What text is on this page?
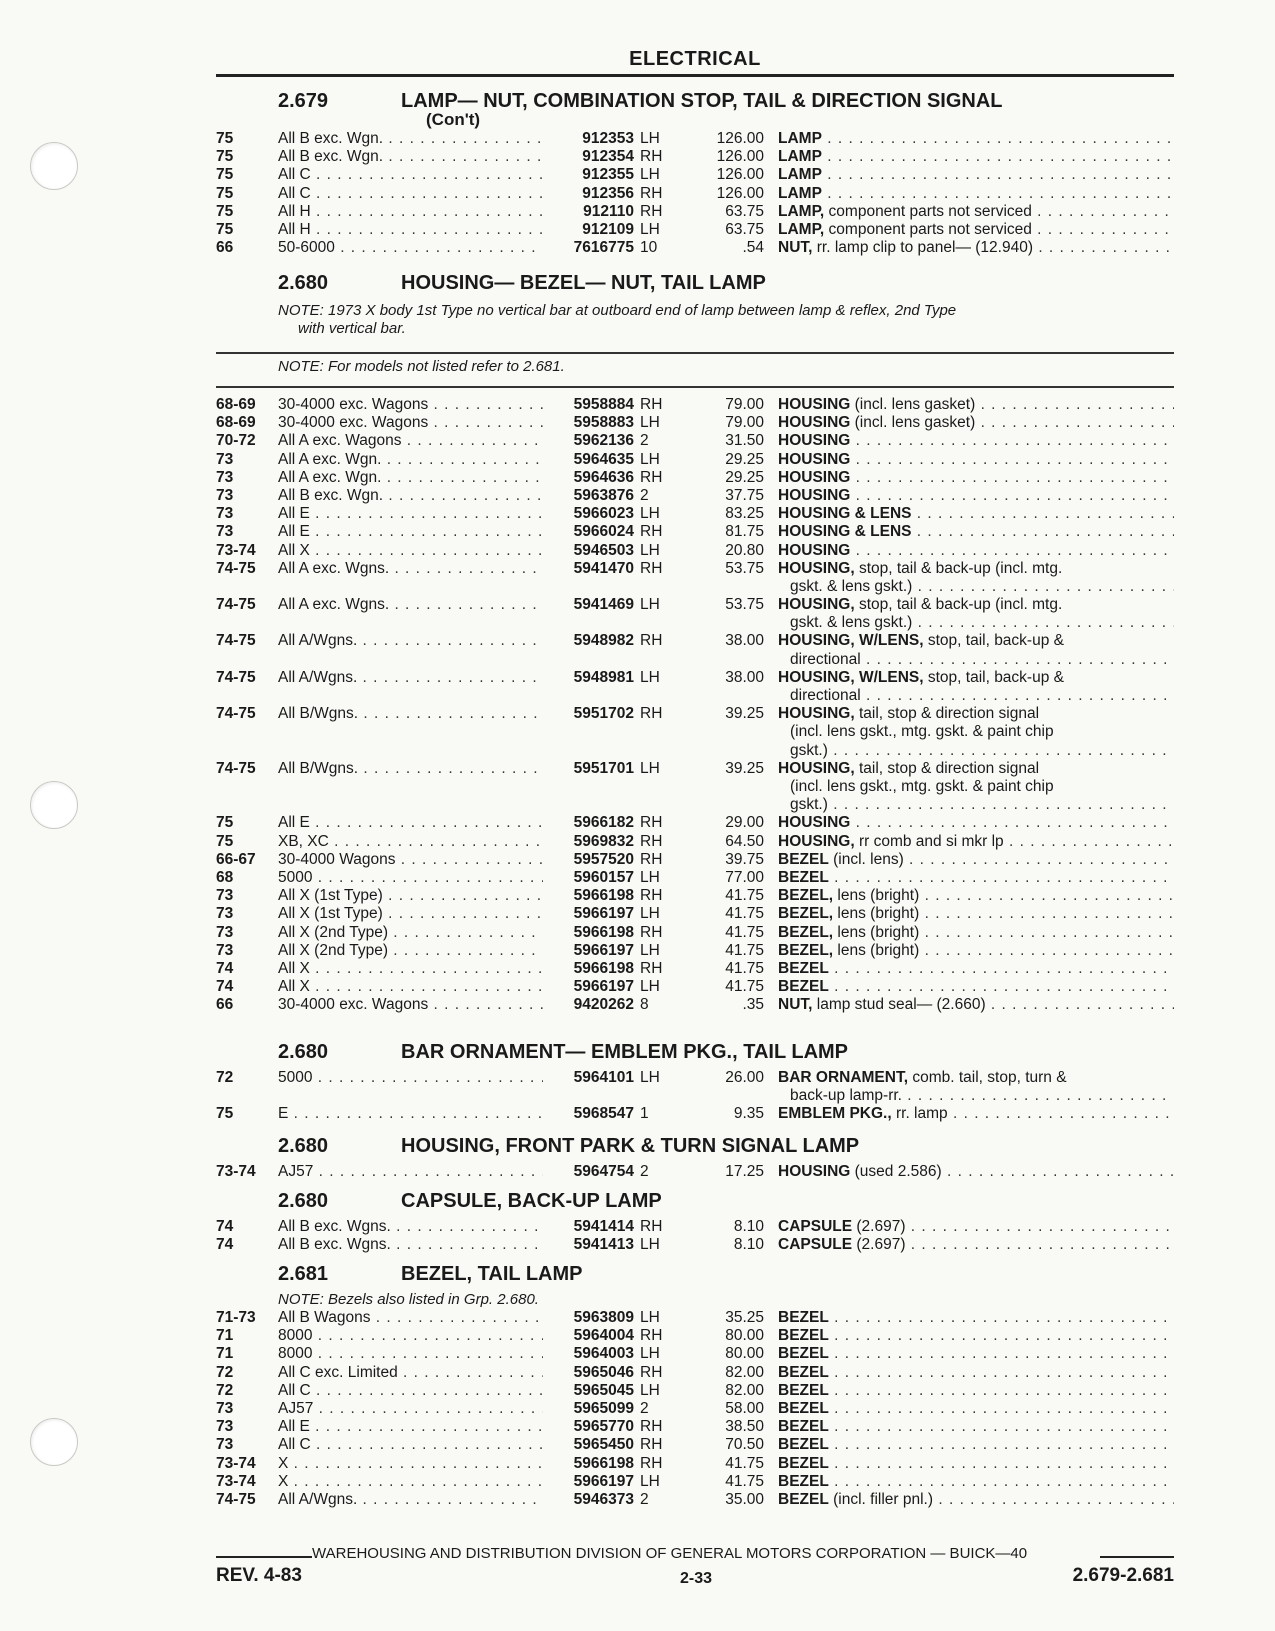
ELECTRICAL
2.679	LAMP— NUT, COMBINATION STOP, TAIL & DIRECTION SIGNAL
(Con't)
75	All B exc. Wgn. . . .	912353 LH	126.00 LAMP . . .
75	All B exc. Wgn. . . .	912354 RH	126.00 LAMP . . .
75	All C . . .	912355 LH	126.00 LAMP . . .
75	All C . . .	912356 RH	126.00 LAMP . . .
75	All H . . .	912110 RH	63.75 LAMP, component parts not serviced . . .
75	All H . . .	912109 LH	63.75 LAMP, component parts not serviced . . .
66	50-6000 . . .	7616775 10	.54 NUT, rr. lamp clip to panel— (12.940) . . .
2.680	HOUSING— BEZEL— NUT, TAIL LAMP
NOTE: 1973 X body 1st Type no vertical bar at outboard end of lamp between lamp & reflex, 2nd Type
with vertical bar.
NOTE: For models not listed refer to 2.681.
68-69 30-4000 exc. Wagons . . .	5958884 RH	79.00 HOUSING (incl. lens gasket) . . .
68-69 30-4000 exc. Wagons . . .	5958883 LH	79.00 HOUSING (incl. lens gasket) . . .
70-72 All A exc. Wagons . . .	5962136 2	31.50 HOUSING . . .
73	All A exc. Wgn. . . .	5964635 LH	29.25 HOUSING . . .
73	All A exc. Wgn. . . .	5964636 RH	29.25 HOUSING . . .
73	All B exc. Wgn. . . .	5963876 2	37.75 HOUSING . . .
73	All E . . .	5966023 LH	83.25 HOUSING & LENS . . .
73	All E . . .	5966024 RH	81.75 HOUSING & LENS . . .
73-74 All X . . .	5946503 LH	20.80 HOUSING . . .
74-75 All A exc. Wgns. . . .	5941470 RH	53.75 HOUSING, stop, tail & back-up (incl. mtg.
gskt. & lens gskt.) . . .
74-75 All A exc. Wgns. . . .	5941469 LH	53.75 HOUSING, stop, tail & back-up (incl. mtg.
gskt. & lens gskt.) . . .
74-75 All A/Wgns. . . .	5948982 RH	38.00 HOUSING, W/LENS, stop, tail, back-up &
directional . . .
74-75 All A/Wgns. . . .	5948981 LH	38.00 HOUSING, W/LENS, stop, tail, back-up &
directional . . .
74-75 All B/Wgns. . . .	5951702 RH	39.25 HOUSING, tail, stop & direction signal
(incl. lens gskt., mtg. gskt. & paint chip
gskt.) . . .
74-75 All B/Wgns. . . .	5951701 LH	39.25 HOUSING, tail, stop & direction signal
(incl. lens gskt., mtg. gskt. & paint chip
gskt.) . . .
75	All E . . .	5966182 RH	29.00 HOUSING . . .
75	XB, XC . . .	5969832 RH	64.50 HOUSING, rr comb and si mkr lp . . .
66-67 30-4000 Wagons . . .	5957520 RH	39.75 BEZEL (incl. lens) . . .
68	5000 . . .	5960157 LH	77.00 BEZEL . . .
73	All X (1st Type) . . .	5966198 RH	41.75 BEZEL, lens (bright) . . .
73	All X (1st Type) . . .	5966197 LH	41.75 BEZEL, lens (bright) . . .
73	All X (2nd Type) . . .	5966198 RH	41.75 BEZEL, lens (bright) . . .
73	All X (2nd Type) . . .	5966197 LH	41.75 BEZEL, lens (bright) . . .
74	All X . . .	5966198 RH	41.75 BEZEL . . .
74	All X . . .	5966197 LH	41.75 BEZEL . . .
66	30-4000 exc. Wagons . . .	9420262 8	.35 NUT, lamp stud seal— (2.660) . . .
2.680	BAR ORNAMENT— EMBLEM PKG., TAIL LAMP
72	5000 . . .	5964101 LH	26.00 BAR ORNAMENT, comb. tail, stop, turn &
back-up lamp-rr. . . .
75	E . . .	5968547 1	9.35 EMBLEM PKG., rr. lamp . . .
2.680	HOUSING, FRONT PARK & TURN SIGNAL LAMP
73-74 AJ57 . . .	5964754 2	17.25 HOUSING (used 2.586) . . .
2.680	CAPSULE, BACK-UP LAMP
74	All B exc. Wgns. . . .	5941414 RH	8.10 CAPSULE (2.697) . . .
74	All B exc. Wgns. . . .	5941413 LH	8.10 CAPSULE (2.697) . . .
2.681	BEZEL, TAIL LAMP
NOTE: Bezels also listed in Grp. 2.680.
71-73 All B Wagons . . .	5963809 LH	35.25 BEZEL . . .
71	8000 . . .	5964004 RH	80.00 BEZEL . . .
71	8000 . . .	5964003 LH	80.00 BEZEL . . .
72	All C exc. Limited . . .	5965046 RH	82.00 BEZEL . . .
72	All C . . .	5965045 LH	82.00 BEZEL . . .
73	AJ57 . . .	5965099 2	58.00 BEZEL . . .
73	All E . . .	5965770 RH	38.50 BEZEL . . .
73	All C . . .	5965450 RH	70.50 BEZEL . . .
73-74 X . . .	5966198 RH	41.75 BEZEL . . .
73-74 X . . .	5966197 LH	41.75 BEZEL . . .
74-75 All A/Wgns. . . .	5946373 2	35.00 BEZEL (incl. filler pnl.) . . .
WAREHOUSING AND DISTRIBUTION DIVISION OF GENERAL MOTORS CORPORATION — BUICK—40
REV. 4-83	2-33	2.679-2.681
